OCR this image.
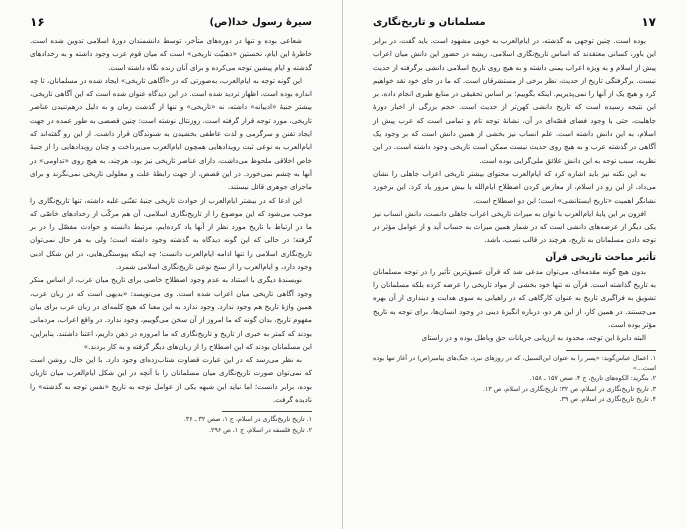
سیرهٔ رسول خدا(ص)
۱۶

شعاعی بوده و تنها در دوره‌های متأخر، توسط دانشمندان دورهٔ اسلامی تدوین شده است. خاطرهٔ این ایام، نخستین «ذهنیّت تاریخی» است که میان قوم عرب وجود داشته و به رخدادهای گذشته و ایام پیشین توجه می‌کرده و برای آنان زنده نگاه داشته است.

این گونه توجه به ایام‌العرب، به‌صورتی که در «آگاهی تاریخی» ایجاد شده در مسلمانان، تا چه اندازه بوده است، اظهار تردید شده است. در این دیدگاه عنوان شده است که این آگاهی تاریخی، بیشتر جنبهٔ «ادبیانه» داشته، نه «تاریخی» و تنها از گذشت زمان و به دلیل درهم‌تنیدن عناصر تاریخی، مورد توجه قرار گرفته است. روزنتال نوشته است: چنین قصصی به طور عمده در جهت ایجاد تفنن و سرگرمی و لذت عاطفی بخشیدن به شنوندگان قرار داشت. از این رو گفته‌اند که ایام‌العرب به نوعی ثبت رویدادهایی همچون ایام‌العرب می‌پرداخت و چنان رویدادهایی را از جنبهٔ خاص اخلاقی ملحوظ می‌داشت، دارای عناصر تاریخی نیز بود، هرچند، به هیچ روی «تداومی» در آنها به چشم نمی‌خورد. در این قصص، از جهت رابطهٔ علت و معلولی تاریخی نمی‌نگرند و برای ماجرای جوهری قائل نیستند.

این ادعا که در بیشتر ایام‌العرب از حوادث تاریخی جنبهٔ تفنّنی غلبه داشته، تنها تاریخ‌نگاری را موجب می‌شود که این موضوع را از تاریخ‌نگاری اسلامی، آن هم مرکّب از رخدادهای خاصّی که ما در ارتباط با تاریخ مورد نظر از آنها یاد کرده‌ایم، مرتبط دانسته و حوادث مفصّل را در بر گرفته؛ در حالی که این گونه دیدگاه به گذشته وجود داشته است؛ ولی به هر حال نمی‌توان تاریخ‌نگاری اسلامی را تنها ادامه ایام‌العرب دانست؛ چه اینکه پیوستگی‌هایی، در این شکل ادبی وجود دارد، و ایام‌العرب را از سنخ نوعی تاریخ‌نگاری اسلامی شمرد.

نویسندهٔ دیگری با استناد به عدم وجود اصطلاح خاصی برای تاریخ میان عرب، از اساس منکر وجود آگاهی تاریخی میان اعراب شده است. وی می‌نویسد: «بدیهی است که در زبان عرب، همین واژهٔ تاریخ هم وجود ندارد. وجود ندارد به این معنا که هیچ کلمه‌ای در زبان عرب برای بیان مفهوم تاریخ، بدان گونه که ما امروز از آن سخن می‌گوییم، وجود ندارد. در واقع اعراب، مردمانی بودند که کمتر به خبری از تاریخ و تاریخ‌نگاری که ما امروزه در ذهن داریم، اعتنا داشتند. بنابراین، این مسلمانان بودند که این اصطلاح را از زبان‌های دیگر گرفته و به کار بردند.»

به نظر می‌رسد که در این عبارت قضاوت شتاب‌زده‌ای وجود دارد. با این حال، روشن است که نمی‌توان صورت تاریخ‌نگاری میان مسلمانان را با آنچه در این شکل ایام‌العرب میان تازیان بوده، برابر دانست؛ اما نباید این شبهه یکی از عوامل توجه به تاریخ «نفس توجه به گذشته» را نادیده گرفت.

۱. تاریخ تاریخ‌نگاری در اسلام، ج ۱، صص ۳۲ ـ ۳۶.

۲. تاریخ فلسفه در اسلام، ج ۱، ص ۲۹۶.

۱۷
مسلمانان و تاریخ‌نگاری

بوده است. چنین توجهی به گذشته، در ایام‌العرب به خوبی مشهود است. باید گفت، در برابر این باور، کسانی معتقدند که اساس تاریخ‌نگاری اسلامی، ریشه در حضور این دانش میان اعراب پیش از اسلام و به ویژه اعراب یمنی داشته و به هیچ روی تاریخ اسلامی دانشی برگرفته از حدیث نیست. برگرفتگی تاریخ از حدیث، نظر برخی از مستشرقان است. که ما در جای خود نقد خواهیم کرد و هیچ یک از آنها را نمی‌پذیریم. اینکه بگوییم؛ بر اساس تحقیقی در منابع طبری انجام داده، بر این نتیجه رسیده است که تاریخ دانشی کهن‌تر از حدیث است. حجم بزرگی از اخبار دورهٔ جاهلیت، حتی با وجود فضای قصّه‌ای در آن، نشانهٔ توجه تام و تمامی است که عرب پیش از اسلام، به این دانش داشته است. علم انساب نیز بخشی از همین دانش است که بر وجود یک آگاهی در گذشته عرب و به هیچ روی حدیث نیست ممکن است تاریخی وجود داشته است. در این نظریه، سبب توجه به این دانش علائق ملی‌گرایی بوده است.

به این نکته نیز باید اشاره کرد که ایام‌العرب محتوای بیشتر تاریخی اعراب جاهلی را نشان می‌داد، از این رو در اسلام، از معارض کردن اصطلاح ایام‌الله یا بیش مرور یاد کرد. این برخورد نشانگر اهمیت «تاریخ ایستانشی» است؛ این دو اصطلاح است.

افزون بر این پایهٔ ایام‌العرب با توان به میراث تاریخی اعراب جاهلی دانست، دانش انساب نیز یکی دیگر از عرصه‌های دانشی است که در شمار همین میراث به حساب آید و از عوامل مؤثر در توجه دادن مسلمانان به تاریخ، هرچند در قالب نسب، باشد.

تأثیر مباحث تاریخی قرآن

بدون هیچ گونه مقدمه‌ای، می‌توان مدعی شد که قرآن عمیق‌ترین تأثیر را در توجه مسلمانان به تاریخ گذاشته است. قرآن نه تنها خود بخشی از مواد تاریخی را عرضه کرده بلکه مسلمانان را تشویق به فراگیری تاریخ به عنوان کارگاهی که در راهیابی به سوی هدایت و دینداری از آن بهره می‌جستند. در همین کار، از این هر دو، درباره انگیزهٔ دینی در وجود انسان‌ها، برای توجه به تاریخ مؤثر بوده است.

البته دایرهٔ این توجه، محدود به ارزیابی جریانات حق وباطل بوده و در راستای

۱. اعمال عباس‌گوید: «پسر را به عنوان ابن‌السبیل، که در روزهای نبرد، جنگ‌های پیامبر(ص) در آغاز تنها بوده است...»

۲. بنگرید: الکوه‌های تاریخ، ج ۴، صص ۱۵۷ ـ ۱۵۸.

۳. تاریخ تاریخ‌نگاری در اسلام، ص ۳۲؛ تاریخ‌نگاری در اسلام، ص ۱۳.

۴. تاریخ تاریخ‌نگاری در اسلام، ص ۳۹.
